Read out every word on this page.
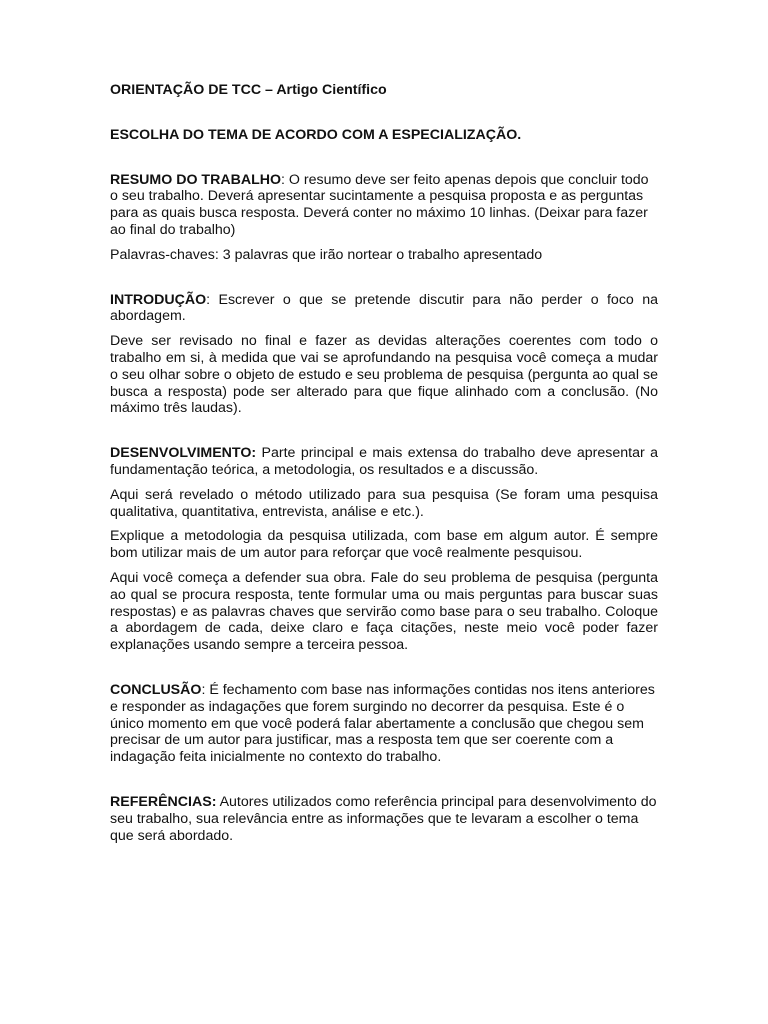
ORIENTAÇÃO DE TCC – Artigo Científico
ESCOLHA DO TEMA DE ACORDO COM A ESPECIALIZAÇÃO.

RESUMO DO TRABALHO: O resumo deve ser feito apenas depois que concluir todo o seu trabalho. Deverá apresentar sucintamente a pesquisa proposta e as perguntas para as quais busca resposta. Deverá conter no máximo 10 linhas. (Deixar para fazer ao final do trabalho)

Palavras-chaves: 3 palavras que irão nortear o trabalho apresentado

INTRODUÇÃO: Escrever o que se pretende discutir para não perder o foco na abordagem.

Deve ser revisado no final e fazer as devidas alterações coerentes com todo o trabalho em si, à medida que vai se aprofundando na pesquisa você começa a mudar o seu olhar sobre o objeto de estudo e seu problema de pesquisa (pergunta ao qual se busca a resposta) pode ser alterado para que fique alinhado com a conclusão. (No máximo três laudas).

DESENVOLVIMENTO: Parte principal e mais extensa do trabalho deve apresentar a fundamentação teórica, a metodologia, os resultados e a discussão.

Aqui será revelado o método utilizado para sua pesquisa (Se foram uma pesquisa qualitativa, quantitativa, entrevista, análise e etc.).

Explique a metodologia da pesquisa utilizada, com base em algum autor. É sempre bom utilizar mais de um autor para reforçar que você realmente pesquisou.

Aqui você começa a defender sua obra. Fale do seu problema de pesquisa (pergunta ao qual se procura resposta, tente formular uma ou mais perguntas para buscar suas respostas) e as palavras chaves que servirão como base para o seu trabalho. Coloque a abordagem de cada, deixe claro e faça citações, neste meio você poder fazer explanações usando sempre a terceira pessoa.

CONCLUSÃO: É fechamento com base nas informações contidas nos itens anteriores e responder as indagações que forem surgindo no decorrer da pesquisa. Este é o único momento em que você poderá falar abertamente a conclusão que chegou sem precisar de um autor para justificar, mas a resposta tem que ser coerente com a indagação feita inicialmente no contexto do trabalho.

REFERÊNCIAS: Autores utilizados como referência principal para desenvolvimento do seu trabalho, sua relevância entre as informações que te levaram a escolher o tema que será abordado.
